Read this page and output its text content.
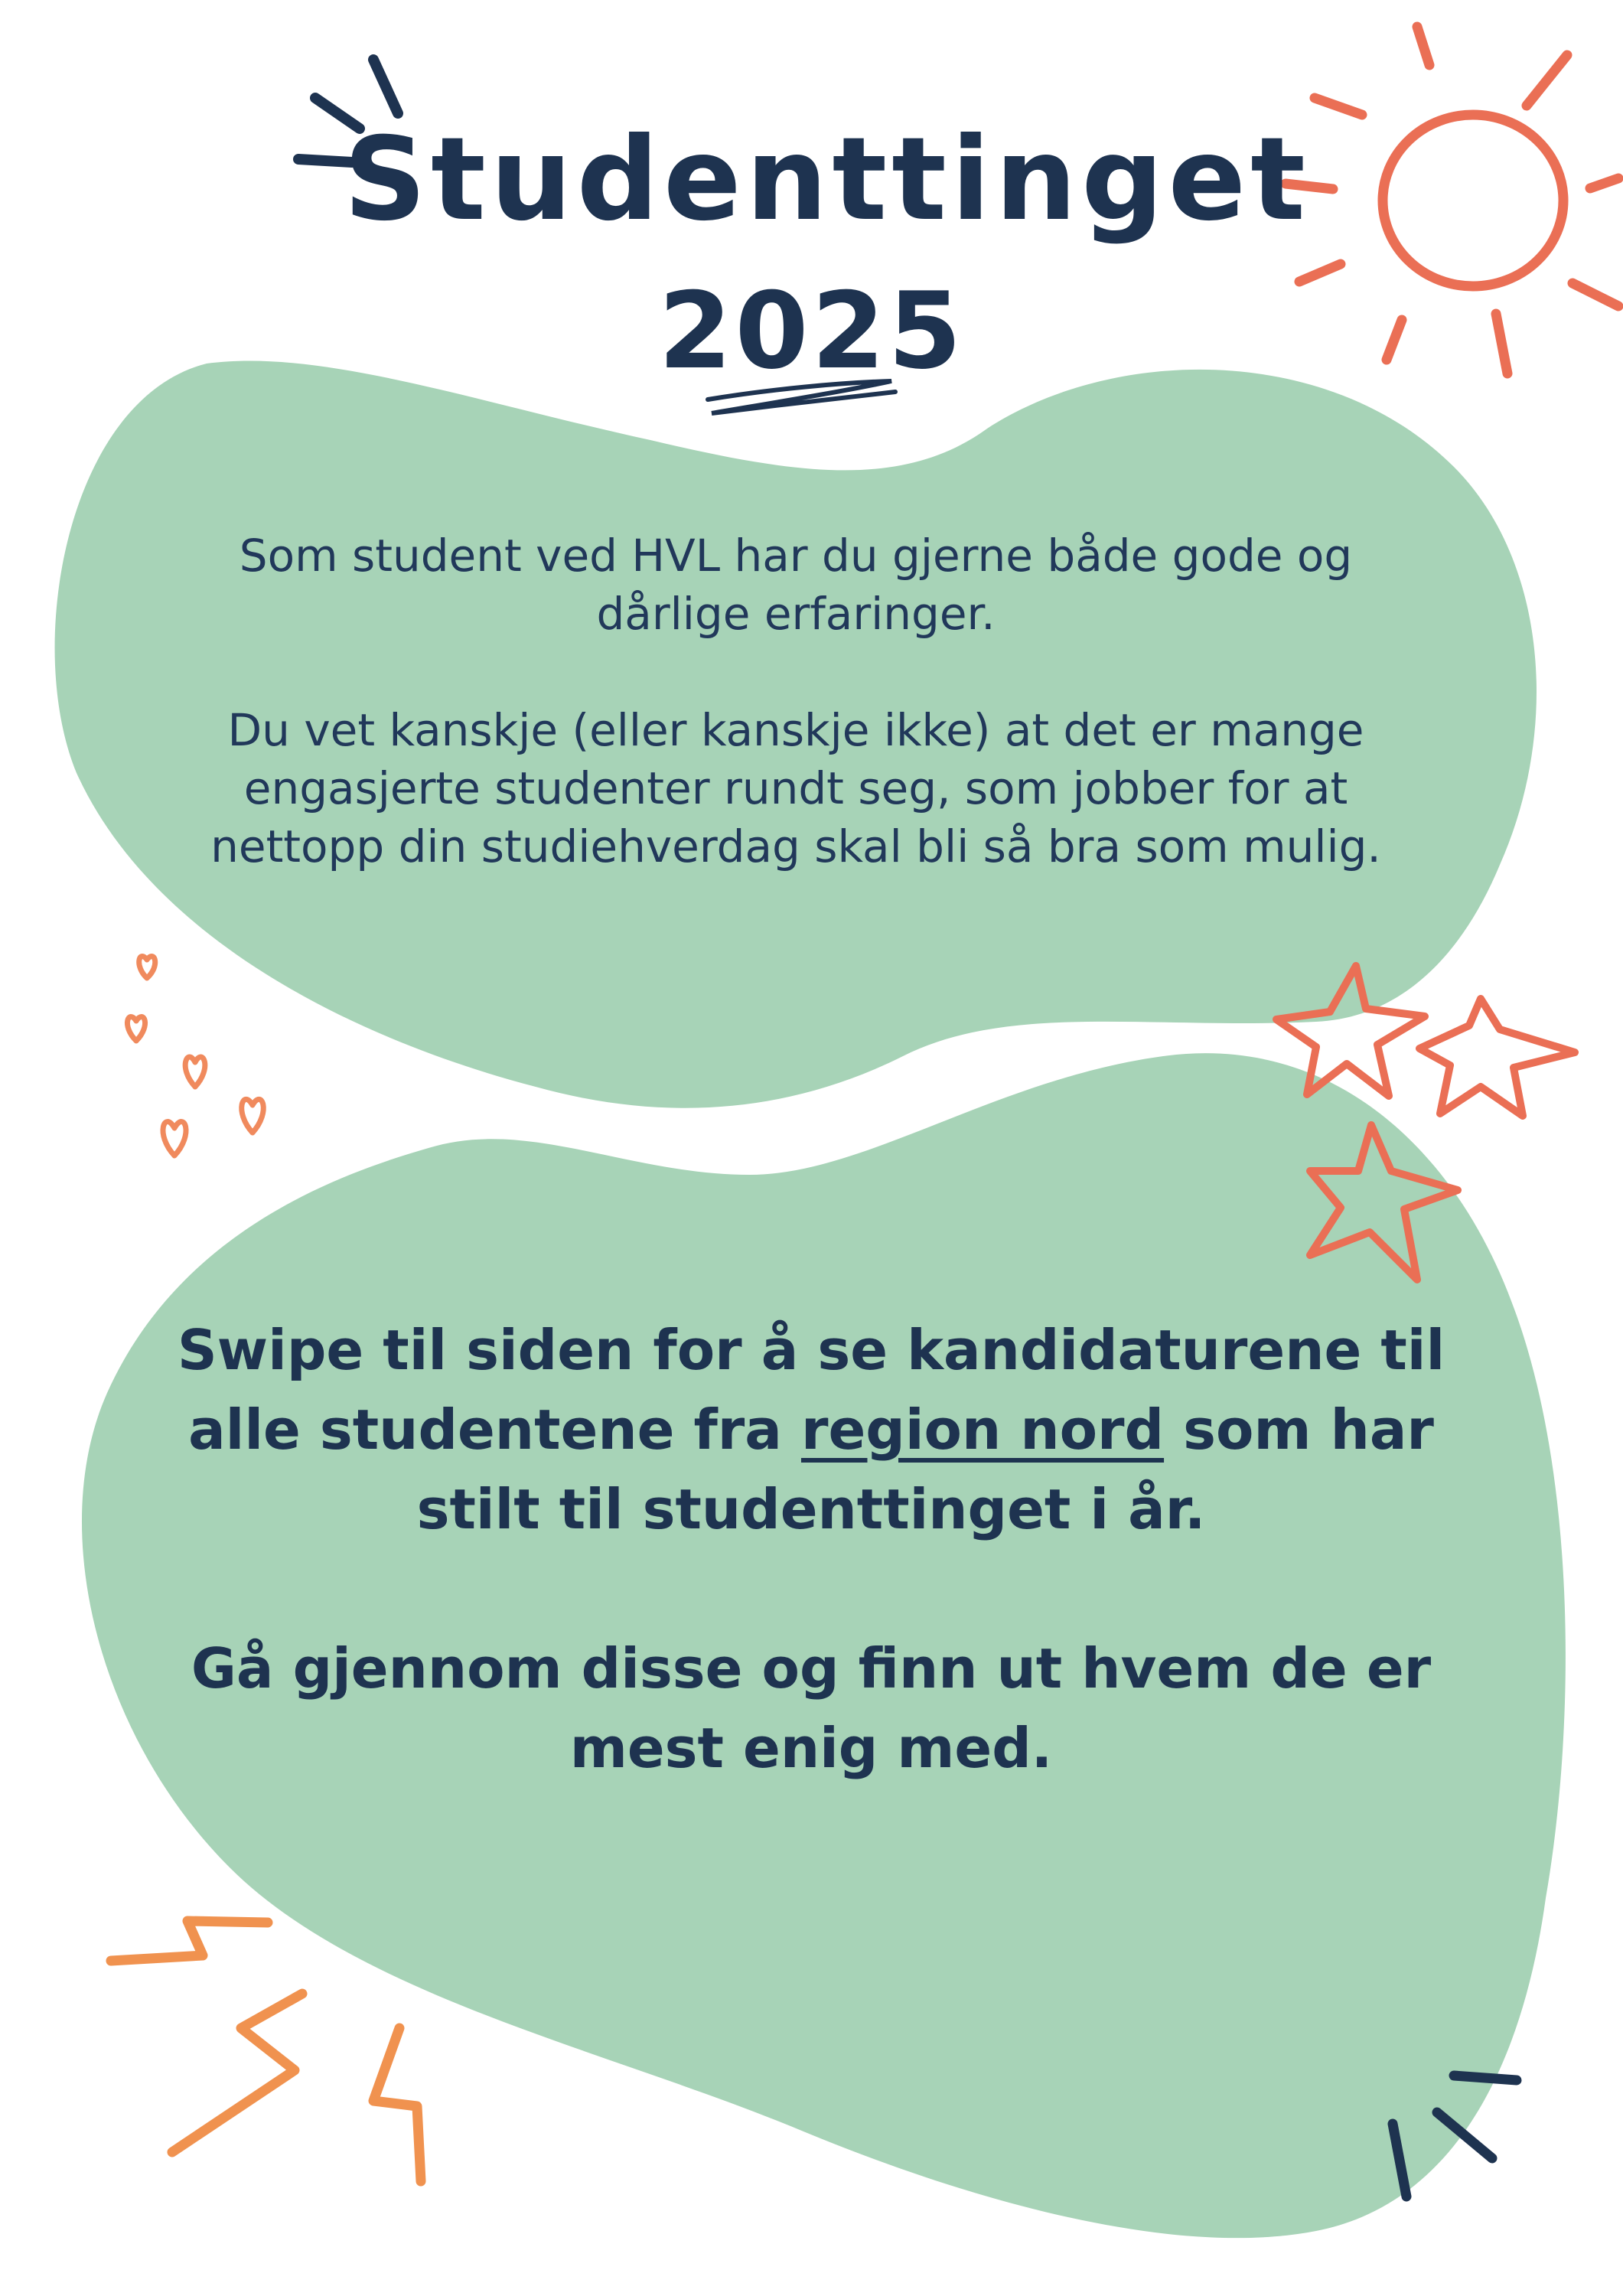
Studenttinget
2025

Som student ved HVL har du gjerne både gode og dårlige erfaringer.

Du vet kanskje (eller kanskje ikke) at det er mange engasjerte studenter rundt seg, som jobber for at nettopp din studiehverdag skal bli så bra som mulig.

Swipe til siden for å se kandidaturene til alle studentene fra region nord som har stilt til studenttinget i år.

Gå gjennom disse og finn ut hvem de er mest enig med.
